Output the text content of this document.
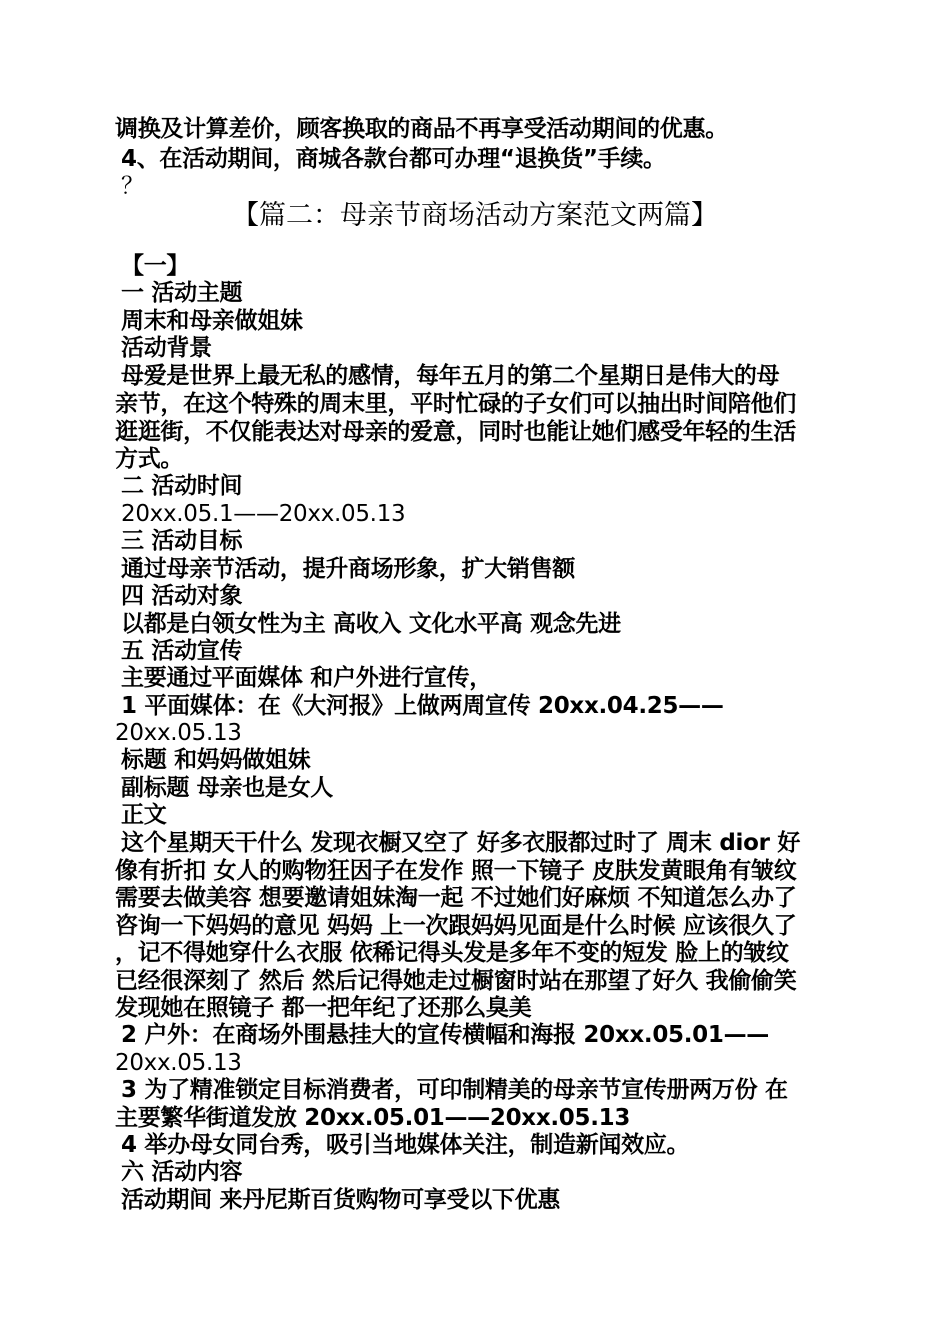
调换及计算差价，顾客换取的商品不再享受活动期间的优惠。
4、在活动期间，商城各款台都可办理“退换货”手续。
？
【篇二：母亲节商场活动方案范文两篇】
【一】
一 活动主题
周末和母亲做姐妹
活动背景
母爱是世界上最无私的感情，每年五月的第二个星期日是伟大的母
亲节，在这个特殊的周末里，平时忙碌的子女们可以抽出时间陪他们
逛逛街，不仅能表达对母亲的爱意，同时也能让她们感受年轻的生活
方式。
二 活动时间
20xx.05.1——20xx.05.13
三 活动目标
通过母亲节活动，提升商场形象，扩大销售额
四 活动对象
以都是白领女性为主 高收入 文化水平高 观念先进
五 活动宣传
主要通过平面媒体 和户外进行宣传，
1 平面媒体：在《大河报》上做两周宣传 20xx.04.25——
20xx.05.13
标题 和妈妈做姐妹
副标题 母亲也是女人
正文
这个星期天干什么 发现衣橱又空了 好多衣服都过时了 周末 dior 好
像有折扣 女人的购物狂因子在发作 照一下镜子 皮肤发黄眼角有皱纹
需要去做美容 想要邀请姐妹淘一起 不过她们好麻烦 不知道怎么办了
咨询一下妈妈的意见 妈妈 上一次跟妈妈见面是什么时候 应该很久了
，记不得她穿什么衣服 依稀记得头发是多年不变的短发 脸上的皱纹
已经很深刻了 然后 然后记得她走过橱窗时站在那望了好久 我偷偷笑
发现她在照镜子 都一把年纪了还那么臭美
2 户外：在商场外围悬挂大的宣传横幅和海报 20xx.05.01——
20xx.05.13
3 为了精准锁定目标消费者，可印制精美的母亲节宣传册两万份 在
主要繁华街道发放 20xx.05.01——20xx.05.13
4 举办母女同台秀，吸引当地媒体关注，制造新闻效应。
六 活动内容
活动期间 来丹尼斯百货购物可享受以下优惠
